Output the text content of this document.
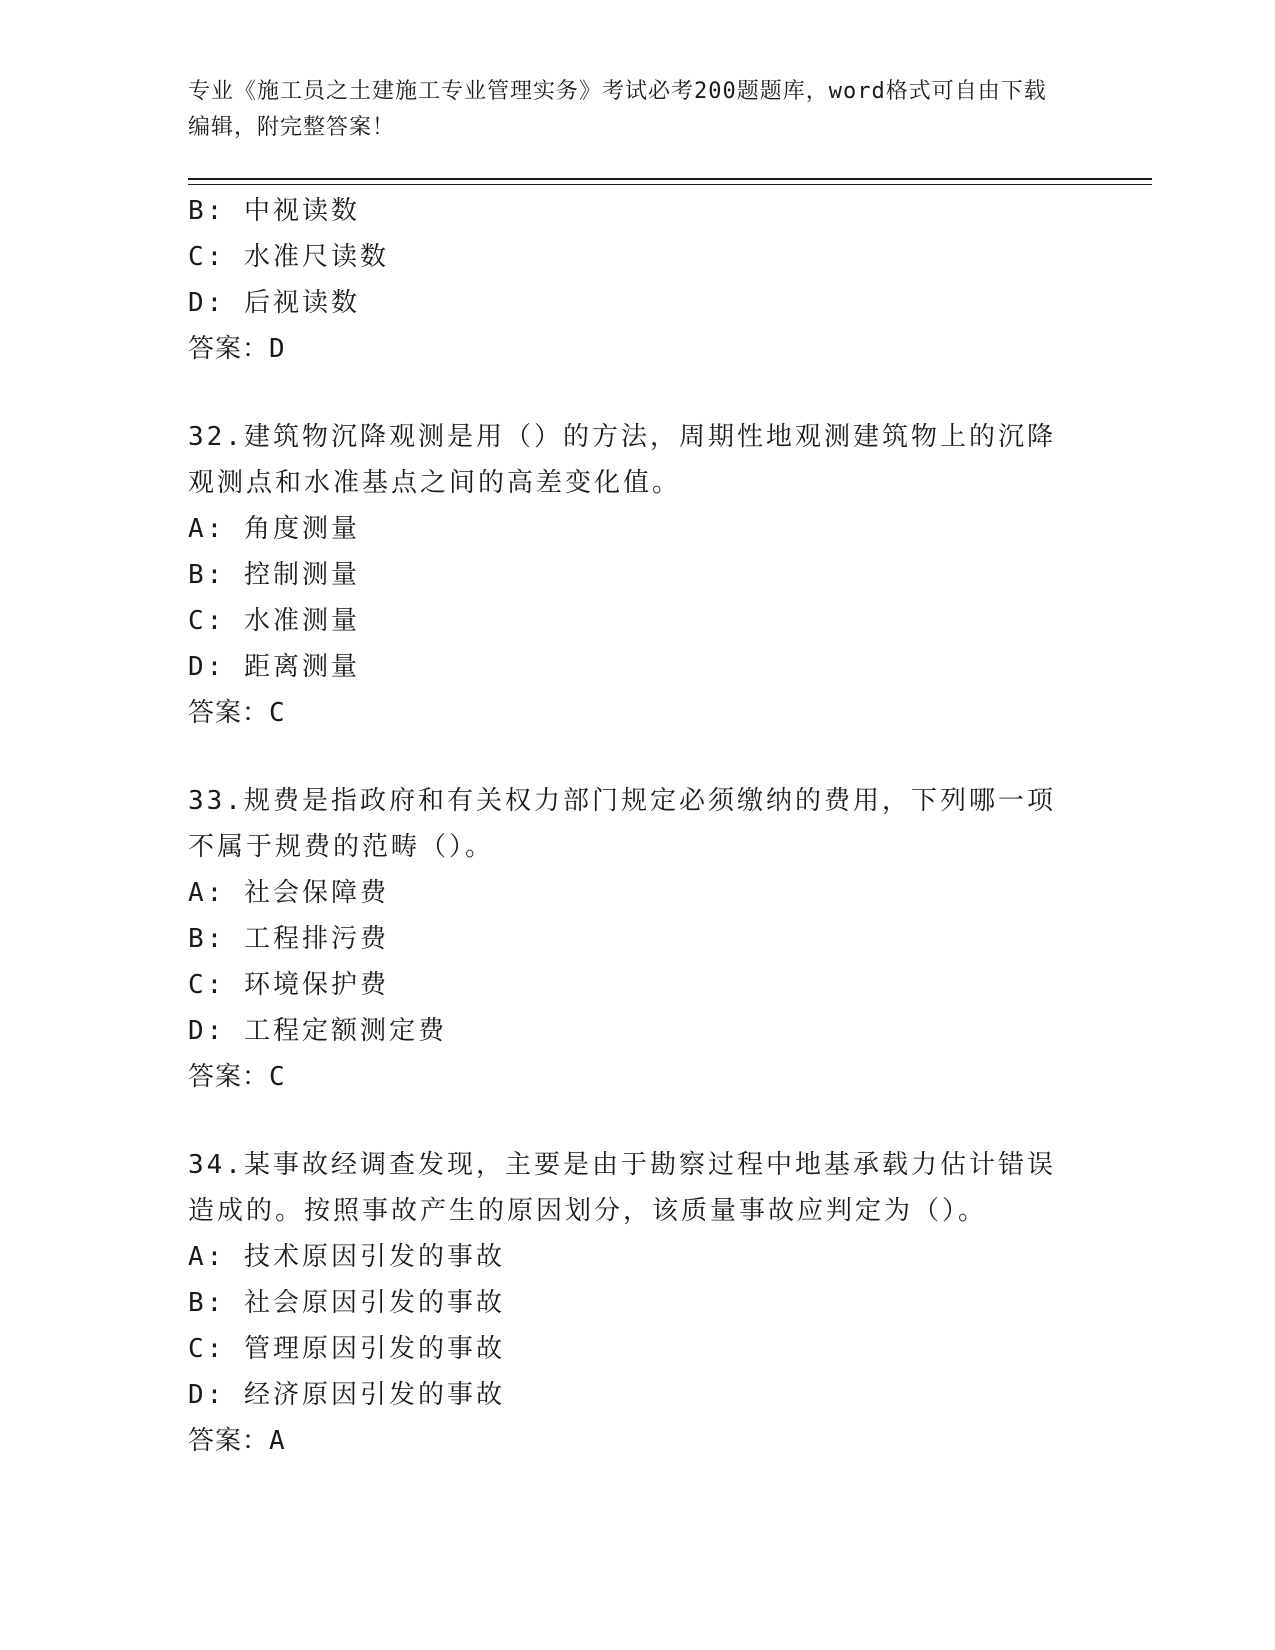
专业《施工员之土建施工专业管理实务》考试必考200题题库，word格式可自由下载编辑，附完整答案！
B: 中视读数
C: 水准尺读数
D: 后视读数
答案：D
32.建筑物沉降观测是用（）的方法，周期性地观测建筑物上的沉降观测点和水准基点之间的高差变化值。
A: 角度测量
B: 控制测量
C: 水准测量
D: 距离测量
答案：C
33.规费是指政府和有关权力部门规定必须缴纳的费用，下列哪一项不属于规费的范畴（）。
A: 社会保障费
B: 工程排污费
C: 环境保护费
D: 工程定额测定费
答案：C
34.某事故经调查发现，主要是由于勘察过程中地基承载力估计错误造成的。按照事故产生的原因划分，该质量事故应判定为（）。
A: 技术原因引发的事故
B: 社会原因引发的事故
C: 管理原因引发的事故
D: 经济原因引发的事故
答案：A
